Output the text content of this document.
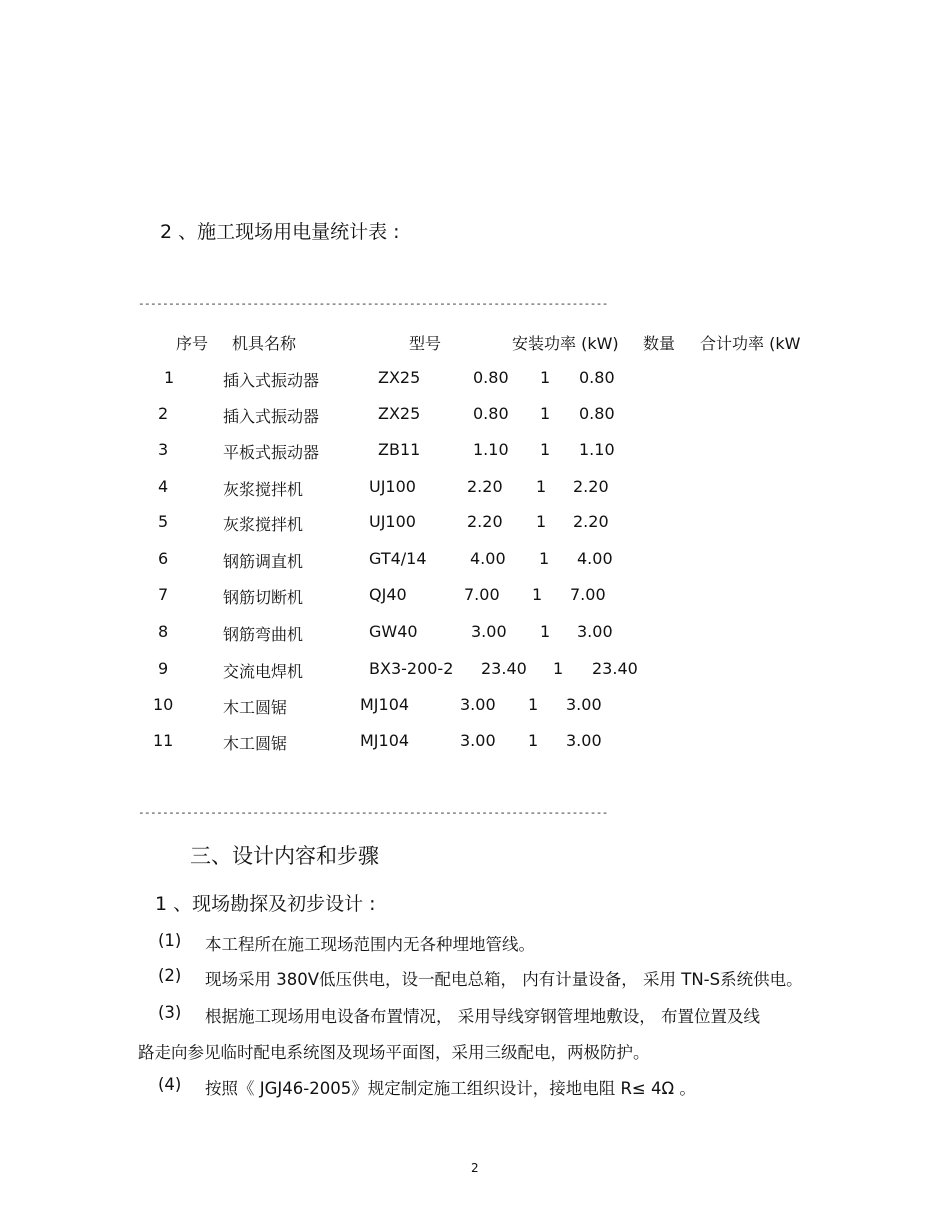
2 、施工现场用电量统计表 :
------------------------------------------------------------------------------
序号 机具名称	型号	安装功率 (kW) 数量 合计功率 (kW
1	插入式振动器	ZX25	0.80 1 0.80
2	插入式振动器	ZX25	0.80 1 0.80
3	平板式振动器	ZB11	1.10 1 1.10
4	灰浆搅拌机	UJ100	2.20 1 2.20
5	灰浆搅拌机	UJ100	2.20 1 2.20
6	钢筋调直机	GT4/14	4.00 1 4.00
7	钢筋切断机	QJ40	7.00 1 7.00
8	钢筋弯曲机	GW40	3.00 1 3.00
9	交流电焊机	BX3-200-2 23.40 1 23.40
10	木工圆锯	MJ104	3.00 1 3.00
11	木工圆锯	MJ104	3.00 1 3.00
------------------------------------------------------------------------------
三、设计内容和步骤
1 、现场勘探及初步设计 :
(1) 本工程所在施工现场范围内无各种埋地管线。
(2) 现场采用 380V低压供电，设一配电总箱， 内有计量设备， 采用 TN-S系统供电。
(3) 根据施工现场用电设备布置情况， 采用导线穿钢管埋地敷设， 布置位置及线
路走向参见临时配电系统图及现场平面图，采用三级配电，两极防护。
(4) 按照《 JGJ46-2005》规定制定施工组织设计，接地电阻 R≤ 4Ω 。
2
